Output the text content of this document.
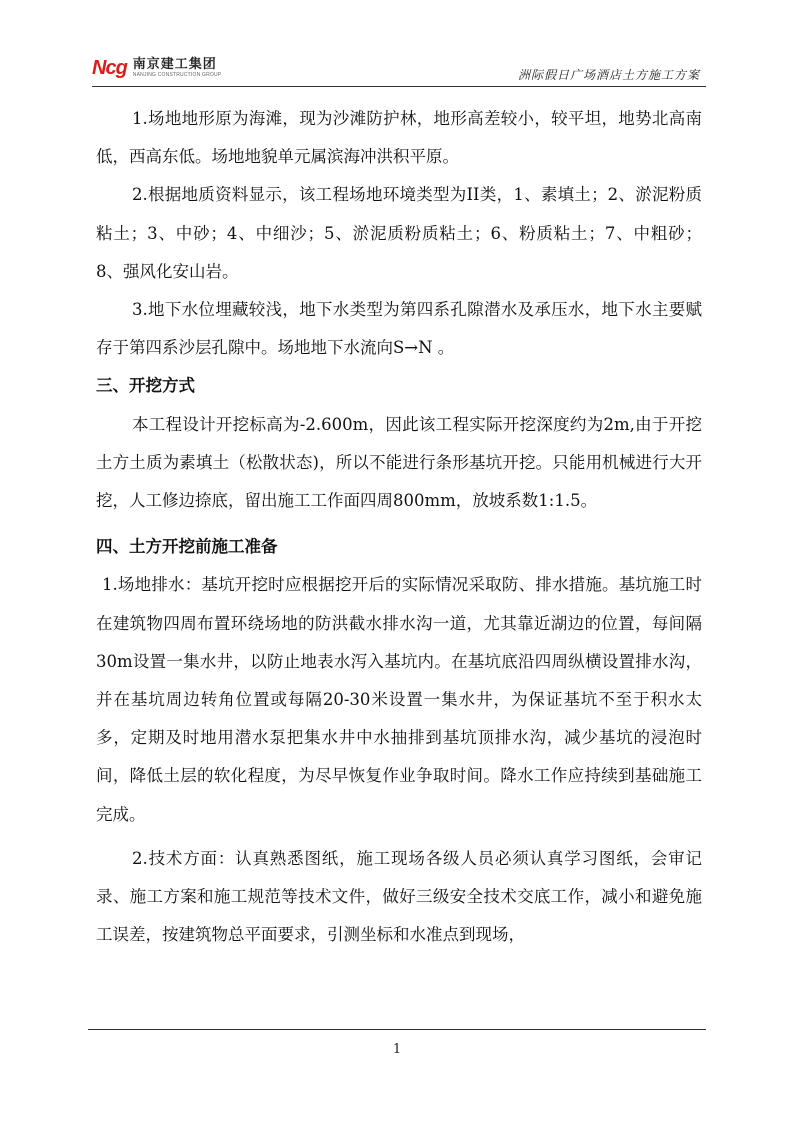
Ncg 南京建工集团
NANJING CONSTRUCTION GROUP	洲际假日广场酒店土方施工方案

1.场地地形原为海滩，现为沙滩防护林，地形高差较小，较平坦，地势北高南低，西高东低。场地地貌单元属滨海冲洪积平原。

2.根据地质资料显示，该工程场地环境类型为II类，1、素填土；2、淤泥粉质粘土；3、中砂；4、中细沙；5、淤泥质粉质粘土；6、粉质粘土；7、中粗砂；8、强风化安山岩。

3.地下水位埋藏较浅，地下水类型为第四系孔隙潜水及承压水，地下水主要赋存于第四系沙层孔隙中。场地地下水流向S→N 。

三、开挖方式

本工程设计开挖标高为-2.600m，因此该工程实际开挖深度约为2m,由于开挖土方土质为素填土（松散状态)，所以不能进行条形基坑开挖。只能用机械进行大开挖，人工修边捺底，留出施工工作面四周800mm，放坡系数1:1.5。

四、土方开挖前施工准备

1.场地排水：基坑开挖时应根据挖开后的实际情况采取防、排水措施。基坑施工时在建筑物四周布置环绕场地的防洪截水排水沟一道，尤其靠近湖边的位置，每间隔30m设置一集水井，以防止地表水泻入基坑内。在基坑底沿四周纵横设置排水沟，并在基坑周边转角位置或每隔20-30米设置一集水井，为保证基坑不至于积水太多，定期及时地用潜水泵把集水井中水抽排到基坑顶排水沟，减少基坑的浸泡时间，降低土层的软化程度，为尽早恢复作业争取时间。降水工作应持续到基础施工完成。

2.技术方面：认真熟悉图纸，施工现场各级人员必须认真学习图纸，会审记录、施工方案和施工规范等技术文件，做好三级安全技术交底工作，减小和避免施工误差，按建筑物总平面要求，引测坐标和水准点到现场，

1
